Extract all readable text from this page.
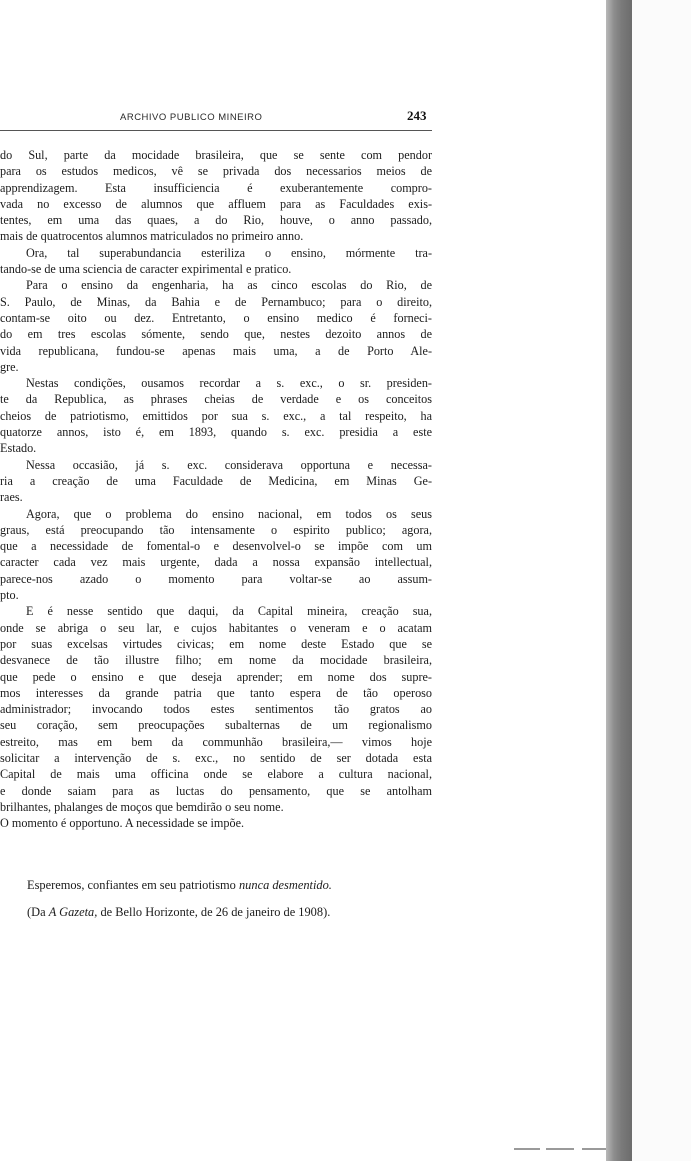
ARCHIVO PUBLICO MINEIRO	243
do Sul, parte da mocidade brasileira, que se sente com pendor
para os estudos medicos, vê se privada dos necessarios meios de
apprendizagem. Esta insufficiencia é exuberantemente compro-
vada no excesso de alumnos que affluem para as Faculdades exis-
tentes, em uma das quaes, a do Rio, houve, o anno passado,
mais de quatrocentos alumnos matriculados no primeiro anno.
Ora, tal superabundancia esteriliza o ensino, mórmente tra-
tando-se de uma sciencia de caracter expirimental e pratico.
Para o ensino da engenharia, ha as cinco escolas do Rio, de
S. Paulo, de Minas, da Bahia e de Pernambuco; para o direito,
contam-se oito ou dez. Entretanto, o ensino medico é forneci-
do em tres escolas sómente, sendo que, nestes dezoito annos de
vida republicana, fundou-se apenas mais uma, a de Porto Ale-
gre.
Nestas condições, ousamos recordar a s. exc., o sr. presiden-
te da Republica, as phrases cheias de verdade e os conceitos
cheios de patriotismo, emittidos por sua s. exc., a tal respeito, ha
quatorze annos, isto é, em 1893, quando s. exc. presidia a este
Estado.
Nessa occasião, já s. exc. considerava opportuna e necessa-
ria a creação de uma Faculdade de Medicina, em Minas Ge-
raes.
Agora, que o problema do ensino nacional, em todos os seus
graus, está preocupando tão intensamente o espirito publico; agora,
que a necessidade de fomental-o e desenvolvel-o se impõe com um
caracter cada vez mais urgente, dada a nossa expansão intellectual,
parece-nos azado o momento para voltar-se ao assum-
pto.
E é nesse sentido que daqui, da Capital mineira, creação sua,
onde se abriga o seu lar, e cujos habitantes o veneram e o acatam
por suas excelsas virtudes civicas; em nome deste Estado que se
desvanece de tão illustre filho; em nome da mocidade brasileira,
que pede o ensino e que deseja aprender; em nome dos supre-
mos interesses da grande patria que tanto espera de tão operoso
administrador; invocando todos estes sentimentos tão gratos ao
seu coração, sem preocupações subalternas de um regionalismo
estreito, mas em bem da communhão brasileira,— vimos hoje
solicitar a intervenção de s. exc., no sentido de ser dotada esta
Capital de mais uma officina onde se elabore a cultura nacional,
e donde saiam para as luctas do pensamento, que se antolham
brilhantes, phalanges de moços que bemdirão o seu nome.
O momento é opportuno. A necessidade se impõe.
Esperemos, confiantes em seu patriotismo nunca desmentido.
(Da A Gazeta, de Bello Horizonte, de 26 de janeiro de 1908).
